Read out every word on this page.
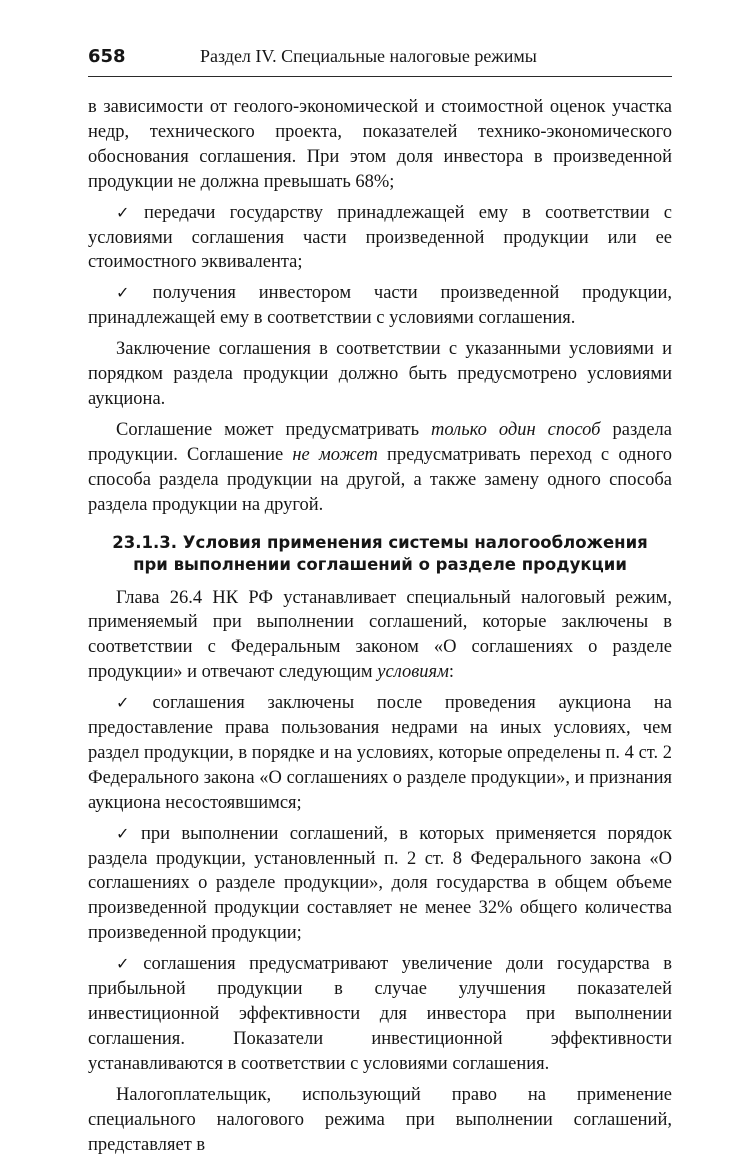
658	Раздел IV. Специальные налоговые режимы

в зависимости от геолого-экономической и стоимостной оценок участка недр, технического проекта, показателей технико-экономического обоснования соглашения. При этом доля инвестора в произведенной продукции не должна превышать 68%;

✓ передачи государству принадлежащей ему в соответствии с условиями соглашения части произведенной продукции или ее стоимостного эквивалента;

✓ получения инвестором части произведенной продукции, принадлежащей ему в соответствии с условиями соглашения.

Заключение соглашения в соответствии с указанными условиями и порядком раздела продукции должно быть предусмотрено условиями аукциона.

Соглашение может предусматривать только один способ раздела продукции. Соглашение не может предусматривать переход с одного способа раздела продукции на другой, а также замену одного способа раздела продукции на другой.

23.1.3. Условия применения системы налогообложения
при выполнении соглашений о разделе продукции

Глава 26.4 НК РФ устанавливает специальный налоговый режим, применяемый при выполнении соглашений, которые заключены в соответствии с Федеральным законом «О соглашениях о разделе продукции» и отвечают следующим условиям:

✓ соглашения заключены после проведения аукциона на предоставление права пользования недрами на иных условиях, чем раздел продукции, в порядке и на условиях, которые определены п. 4 ст. 2 Федерального закона «О соглашениях о разделе продукции», и признания аукциона несостоявшимся;

✓ при выполнении соглашений, в которых применяется порядок раздела продукции, установленный п. 2 ст. 8 Федерального закона «О соглашениях о разделе продукции», доля государства в общем объеме произведенной продукции составляет не менее 32% общего количества произведенной продукции;

✓ соглашения предусматривают увеличение доли государства в прибыльной продукции в случае улучшения показателей инвестиционной эффективности для инвестора при выполнении соглашения. Показатели инвестиционной эффективности устанавливаются в соответствии с условиями соглашения.

Налогоплательщик, использующий право на применение специального налогового режима при выполнении соглашений, представляет в
